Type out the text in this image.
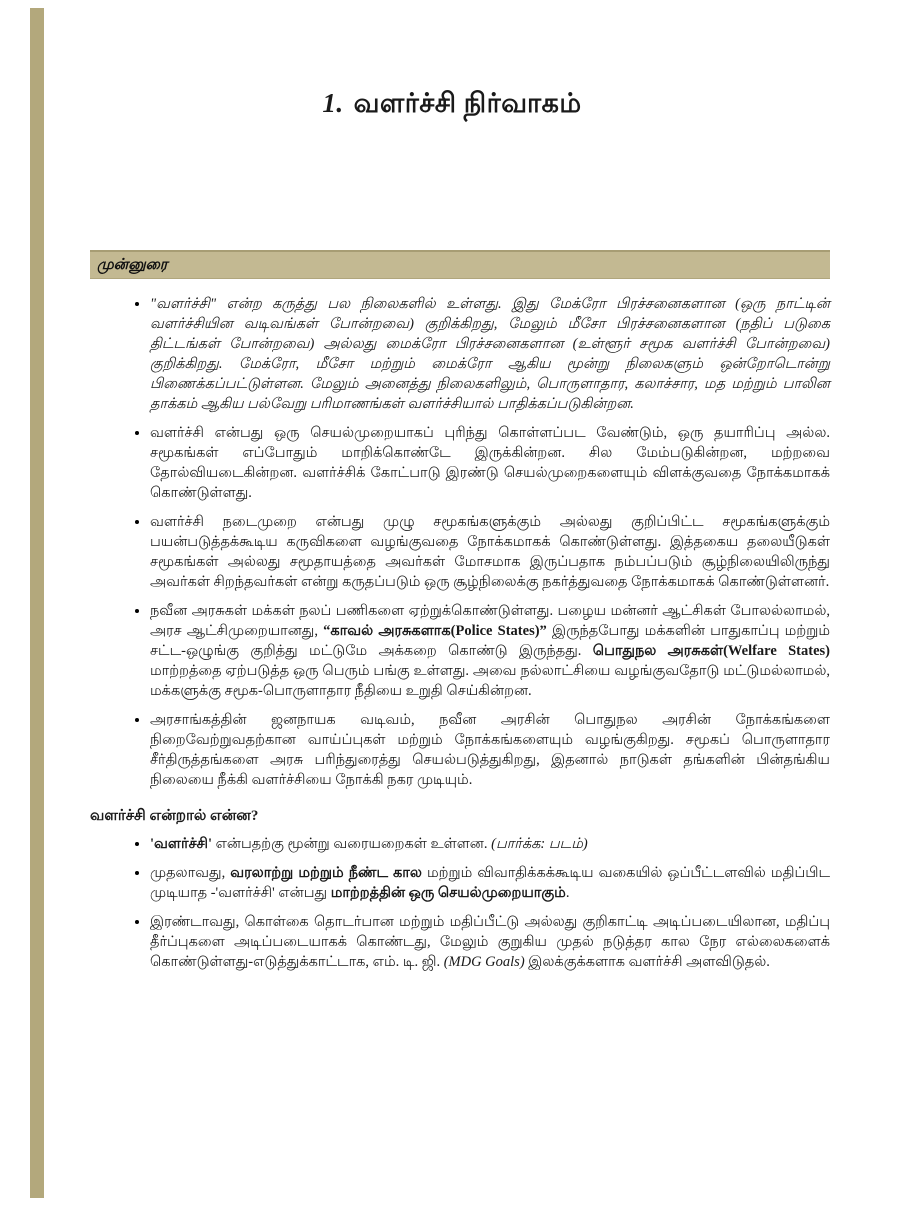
1. வளர்ச்சி நிர்வாகம்
முன்னுரை
• "வளர்ச்சி" என்ற கருத்து பல நிலைகளில் உள்ளது. இது மேக்ரோ பிரச்சனைகளான (ஒரு நாட்டின் வளர்ச்சியின வடிவங்கள் போன்றவை) குறிக்கிறது, மேலும் மீசோ பிரச்சனைகளான (நதிப் படுகை திட்டங்கள் போன்றவை) அல்லது மைக்ரோ பிரச்சனைகளான (உள்ளூர் சமூக வளர்ச்சி போன்றவை) குறிக்கிறது. மேக்ரோ, மீசோ மற்றும் மைக்ரோ ஆகிய மூன்று நிலைகளும் ஒன்றோடொன்று பிணைக்கப்பட்டுள்ளன. மேலும் அனைத்து நிலைகளிலும், பொருளாதார, கலாச்சார, மத மற்றும் பாலின தாக்கம் ஆகிய பல்வேறு பரிமாணங்கள் வளர்ச்சியால் பாதிக்கப்படுகின்றன.
• வளர்ச்சி என்பது ஒரு செயல்முறையாகப் புரிந்து கொள்ளப்பட வேண்டும், ஒரு தயாரிப்பு அல்ல. சமூகங்கள் எப்போதும் மாறிக்கொண்டே இருக்கின்றன. சில மேம்படுகின்றன, மற்றவை தோல்வியடைகின்றன. வளர்ச்சிக் கோட்பாடு இரண்டு செயல்முறைகளையும் விளக்குவதை நோக்கமாகக் கொண்டுள்ளது.
• வளர்ச்சி நடைமுறை என்பது முழு சமூகங்களுக்கும் அல்லது குறிப்பிட்ட சமூகங்களுக்கும் பயன்படுத்தக்கூடிய கருவிகளை வழங்குவதை நோக்கமாகக் கொண்டுள்ளது. இத்தகைய தலையீடுகள் சமூகங்கள் அல்லது சமூதாயத்தை அவர்கள் மோசமாக இருப்பதாக நம்பப்படும் சூழ்நிலையிலிருந்து அவர்கள் சிறந்தவர்கள் என்று கருதப்படும் ஒரு சூழ்நிலைக்கு நகர்த்துவதை நோக்கமாகக் கொண்டுள்ளனர்.
• நவீன அரசுகள் மக்கள் நலப் பணிகளை ஏற்றுக்கொண்டுள்ளது. பழைய மன்னர் ஆட்சிகள் போலல்லாமல், அரச ஆட்சிமுறையானது, “காவல் அரசுகளாக(Police States)” இருந்தபோது மக்களின் பாதுகாப்பு மற்றும் சட்ட-ஒழுங்கு குறித்து மட்டுமே அக்கறை கொண்டு இருந்தது. பொதுநல அரசுகள்(Welfare States) மாற்றத்தை ஏற்படுத்த ஒரு பெரும் பங்கு உள்ளது. அவை நல்லாட்சியை வழங்குவதோடு மட்டுமல்லாமல், மக்களுக்கு சமூக-பொருளாதார நீதியை உறுதி செய்கின்றன.
• அரசாங்கத்தின் ஜனநாயக வடிவம், நவீன அரசின் பொதுநல அரசின் நோக்கங்களை நிறைவேற்றுவதற்கான வாய்ப்புகள் மற்றும் நோக்கங்களையும் வழங்குகிறது. சமூகப் பொருளாதார சீர்திருத்தங்களை அரசு பரிந்துரைத்து செயல்படுத்துகிறது, இதனால் நாடுகள் தங்களின் பின்தங்கிய நிலையை நீக்கி வளர்ச்சியை நோக்கி நகர முடியும்.
வளர்ச்சி என்றால் என்ன?
• 'வளர்ச்சி' என்பதற்கு மூன்று வரையறைகள் உள்ளன. (பார்க்க: படம்)
• முதலாவது, வரலாற்று மற்றும் நீண்ட கால மற்றும் விவாதிக்கக்கூடிய வகையில் ஒப்பீட்டளவில் மதிப்பிட முடியாத -'வளர்ச்சி' என்பது மாற்றத்தின் ஒரு செயல்முறையாகும்.
• இரண்டாவது, கொள்கை தொடர்பான மற்றும் மதிப்பீட்டு அல்லது குறிகாட்டி அடிப்படையிலான, மதிப்பு தீர்ப்புகளை அடிப்படையாகக் கொண்டது, மேலும் குறுகிய முதல் நடுத்தர கால நேர எல்லைகளைக் கொண்டுள்ளது-எடுத்துக்காட்டாக, எம். டி. ஜி. (MDG Goals) இலக்குக்களாக வளர்ச்சி அளவிடுதல்.
